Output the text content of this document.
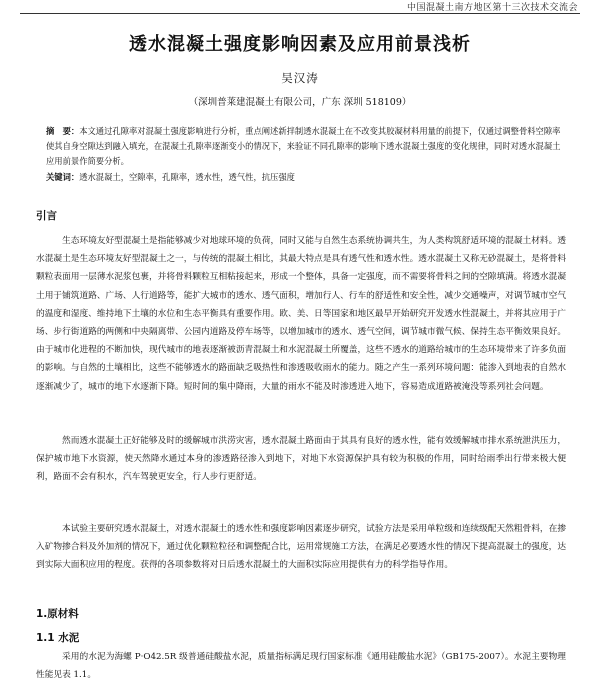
中国混凝土南方地区第十三次技术交流会
透水混凝土强度影响因素及应用前景浅析
吴汉涛
（深圳普莱建混凝土有限公司，广东 深圳 518109）
摘　要：本文通过孔隙率对混凝土强度影响进行分析，重点阐述新拌制透水混凝土在不改变其胶凝材料用量的前提下，仅通过调整骨料空隙率使其自身空隙达到融入填充，在混凝土孔隙率逐渐变小的情况下，来验证不同孔隙率的影响下透水混凝土强度的变化规律，同时对透水混凝土应用前景作简要分析。
关键词：透水混凝土，空隙率，孔隙率，透水性，透气性，抗压强度
引言
生态环境友好型混凝土是指能够减少对地球环境的负荷，同时又能与自然生态系统协调共生，为人类构筑舒适环境的混凝土材料。透水混凝土是生态环境友好型混凝土之一，与传统的混凝土相比，其最大特点是具有透气性和透水性。透水混凝土又称无砂混凝土，是将骨料颗粒表面用一层薄水泥浆包裹，并将骨料颗粒互相粘接起来，形成一个整体，具备一定强度，而不需要将骨料之间的空隙填满。将透水混凝土用于铺筑道路、广场、人行道路等，能扩大城市的透水、透气面积，增加行人、行车的舒适性和安全性，减少交通噪声，对调节城市空气的温度和湿度、维持地下土壤的水位和生态平衡具有重要作用。欧、美、日等国家和地区最早开始研究开发透水性混凝土，并将其应用于广场、步行街道路的两侧和中央隔离带、公园内道路及停车场等，以增加城市的透水、透气空间，调节城市微气候、保持生态平衡效果良好。由于城市化进程的不断加快，现代城市的地表逐渐被沥青混凝土和水泥混凝土所覆盖，这些不透水的道路给城市的生态环境带来了许多负面的影响。与自然的土壤相比，这些不能够透水的路面缺乏吸热性和渗透吸收雨水的能力。随之产生一系列环境问题：能渗入到地表的自然水逐渐减少了，城市的地下水逐渐下降。短时间的集中降雨，大量的雨水不能及时渗透进入地下，容易造成道路被淹没等系列社会问题。
然而透水混凝土正好能够及时的缓解城市洪涝灾害，透水混凝土路面由于其具有良好的透水性，能有效缓解城市排水系统泄洪压力，保护城市地下水资源，使天然降水通过本身的渗透路径渗入到地下，对地下水资源保护具有较为积极的作用，同时给雨季出行带来极大便利，路面不会有积水，汽车驾驶更安全，行人步行更舒适。
本试验主要研究透水混凝土，对透水混凝土的透水性和强度影响因素逐步研究，试验方法是采用单粒级和连续级配天然粗骨料，在掺入矿物掺合料及外加剂的情况下，通过优化颗粒粒径和调整配合比，运用常规施工方法，在满足必要透水性的情况下提高混凝土的强度，达到实际大面积应用的程度。获得的各项参数将对日后透水混凝土的大面积实际应用提供有力的科学指导作用。
1.原材料
1.1 水泥
采用的水泥为海螺 P·O42.5R 级普通硅酸盐水泥，质量指标满足现行国家标准《通用硅酸盐水泥》（GB175-2007）。水泥主要物理性能见表 1.1。
